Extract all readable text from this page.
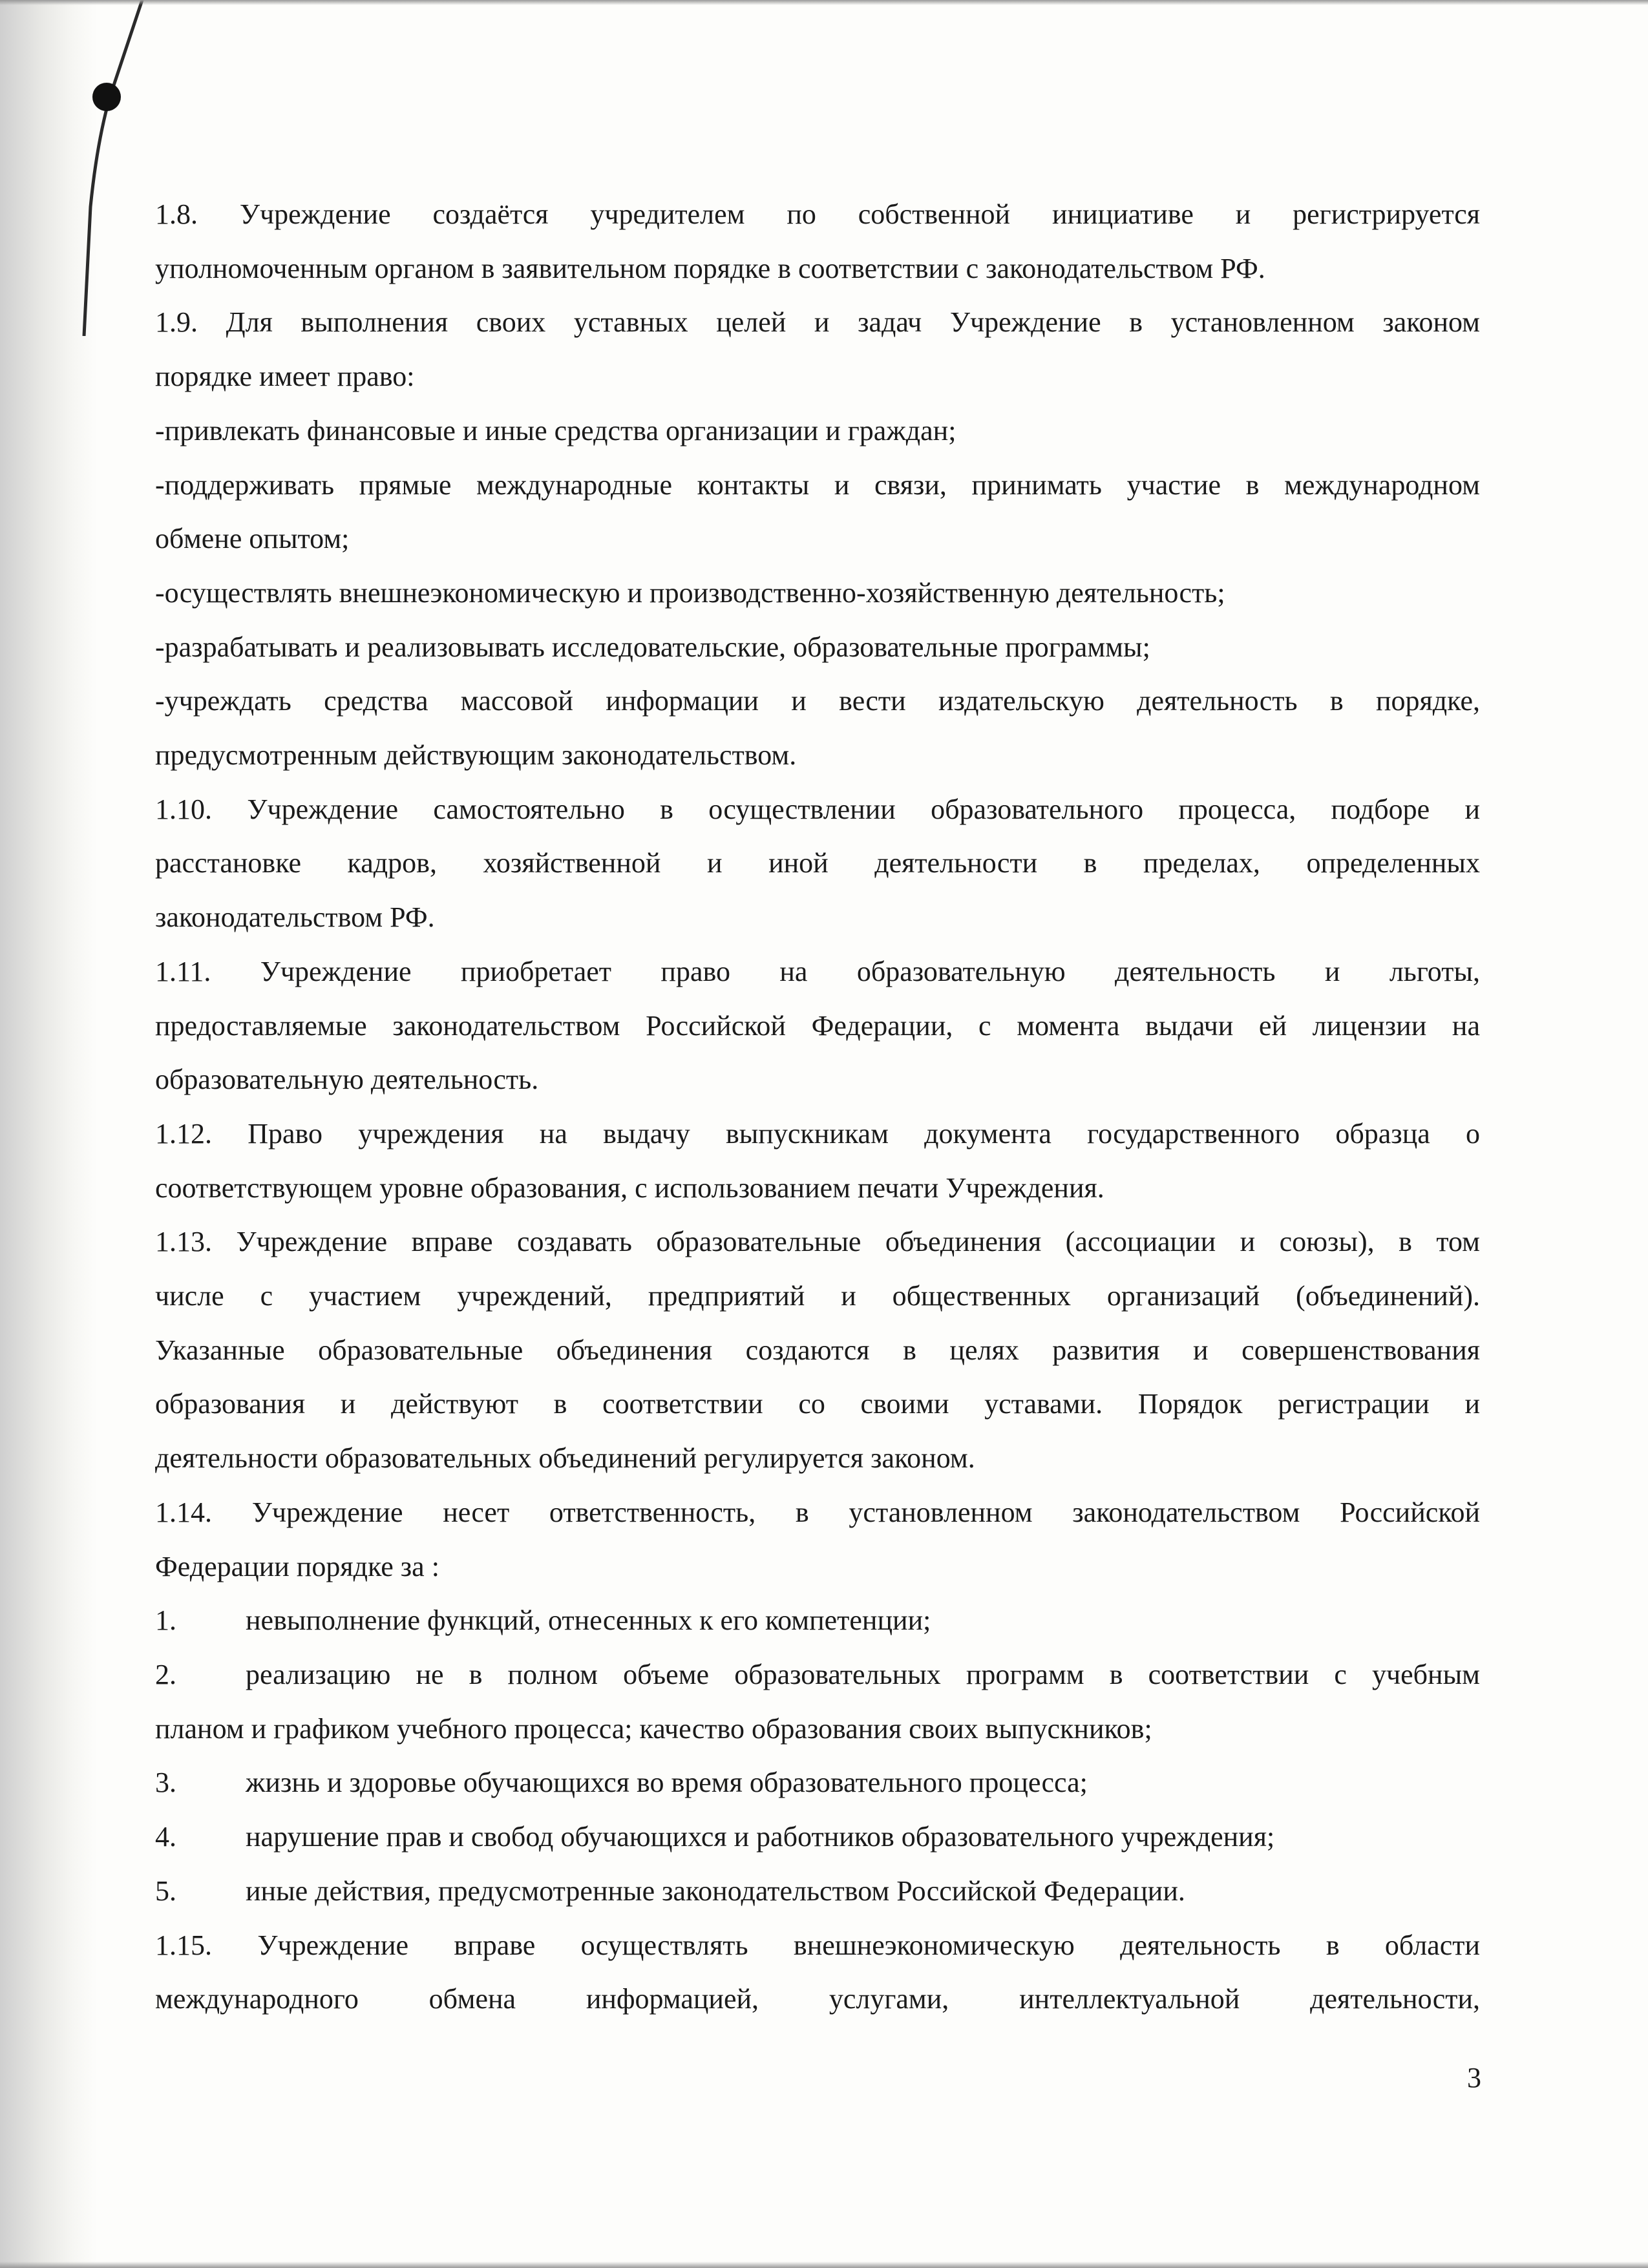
1.8. Учреждение создаётся учредителем по собственной инициативе и регистрируется
уполномоченным органом в заявительном порядке в соответствии с законодательством РФ.
1.9. Для выполнения своих уставных целей и задач Учреждение в установленном законом
порядке имеет право:
-привлекать финансовые и иные средства организации и граждан;
-поддерживать прямые международные контакты и связи, принимать участие в международном
обмене опытом;
-осуществлять внешнеэкономическую и производственно-хозяйственную деятельность;
-разрабатывать и реализовывать исследовательские, образовательные программы;
-учреждать средства массовой информации и вести издательскую деятельность в порядке,
предусмотренным действующим законодательством.
1.10. Учреждение самостоятельно в осуществлении образовательного процесса, подборе и
расстановке кадров, хозяйственной и иной деятельности в пределах, определенных
законодательством РФ.
1.11. Учреждение приобретает право на образовательную деятельность и льготы,
предоставляемые законодательством Российской Федерации, с момента выдачи ей лицензии на
образовательную деятельность.
1.12. Право учреждения на выдачу выпускникам документа государственного образца о
соответствующем уровне образования, с использованием печати Учреждения.
1.13. Учреждение вправе создавать образовательные объединения (ассоциации и союзы), в том
числе с участием учреждений, предприятий и общественных организаций (объединений).
Указанные образовательные объединения создаются в целях развития и совершенствования
образования и действуют в соответствии со своими уставами. Порядок регистрации и
деятельности образовательных объединений регулируется законом.
1.14. Учреждение несет ответственность, в установленном законодательством Российской
Федерации порядке за :
1.	невыполнение функций, отнесенных к его компетенции;
2.	реализацию не в полном объеме образовательных программ в соответствии с учебным
планом и графиком учебного процесса; качество образования своих выпускников;
3.	жизнь и здоровье обучающихся во время образовательного процесса;
4.	нарушение прав и свобод обучающихся и работников образовательного учреждения;
5.	иные действия, предусмотренные законодательством Российской Федерации.
1.15. Учреждение вправе осуществлять внешнеэкономическую деятельность в области
международного обмена информацией, услугами, интеллектуальной деятельности,
3
